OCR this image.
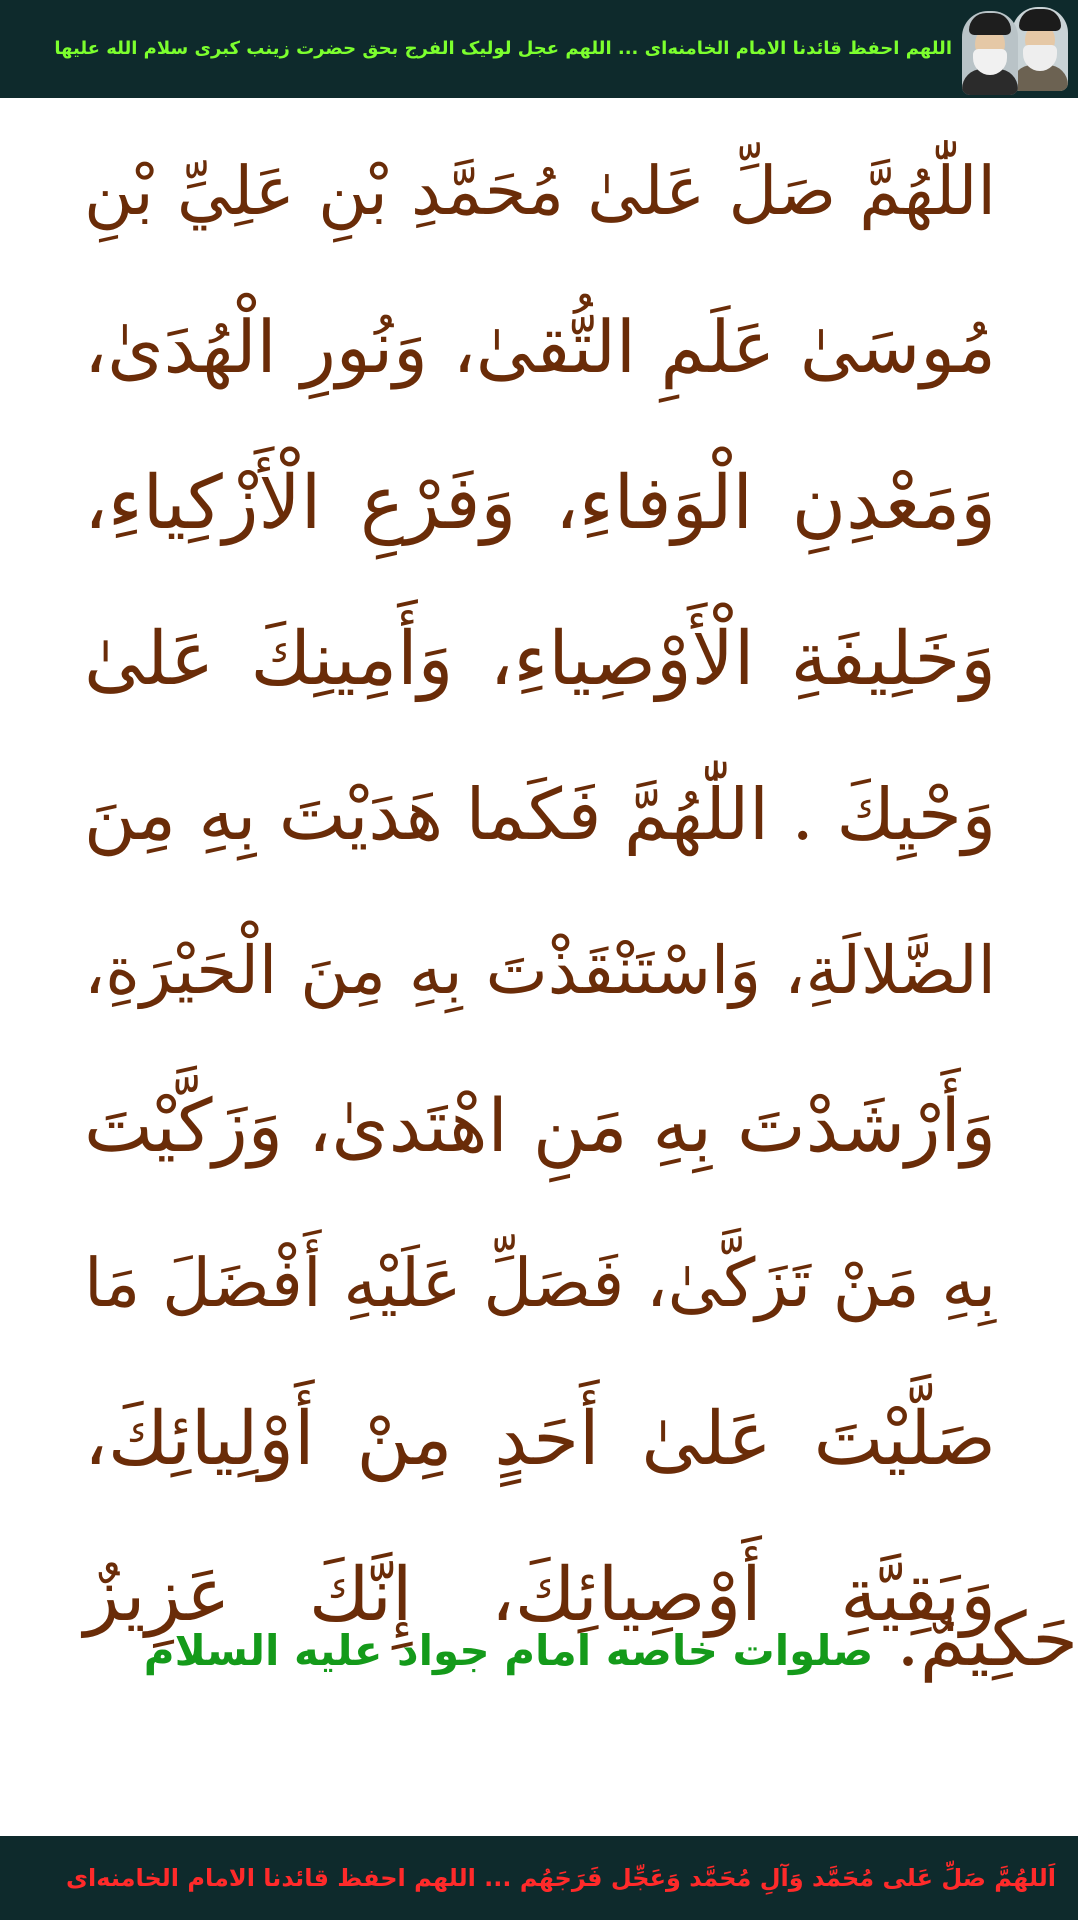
اللهم احفظ قائدنا الامام الخامنه‌ای ... اللهم عجل لولیک الفرج بحق حضرت زینب کبری سلام الله علیها
اللّٰهُمَّ صَلِّ عَلىٰ مُحَمَّدِ بْنِ عَلِيِّ بْنِ
مُوسَىٰ عَلَمِ التُّقىٰ، وَنُورِ الْهُدَىٰ،
وَمَعْدِنِ الْوَفاءِ، وَفَرْعِ الْأَزْكِياءِ،
وَخَلِيفَةِ الْأَوْصِياءِ، وَأَمِينِكَ عَلىٰ
وَحْيِكَ . اللّٰهُمَّ فَكَما هَدَيْتَ بِهِ مِنَ
الضَّلالَةِ، وَاسْتَنْقَذْتَ بِهِ مِنَ الْحَيْرَةِ،
وَأَرْشَدْتَ بِهِ مَنِ اهْتَدىٰ، وَزَكَّيْتَ
بِهِ مَنْ تَزَكَّىٰ، فَصَلِّ عَلَيْهِ أَفْضَلَ مَا
صَلَّيْتَ عَلىٰ أَحَدٍ مِنْ أَوْلِيائِكَ،
وَبَقِيَّةِ أَوْصِيائِكَ، إِنَّكَ عَزِيزٌ
حَكِيمٌ. صلوات خاصه امام جواد علیه السلام
اَللهُمَّ صَلِّ عَلی مُحَمَّد وَآلِ مُحَمَّد وَعَجِّل فَرَجَهُم ... اللهم احفظ قائدنا الامام الخامنه‌ای
